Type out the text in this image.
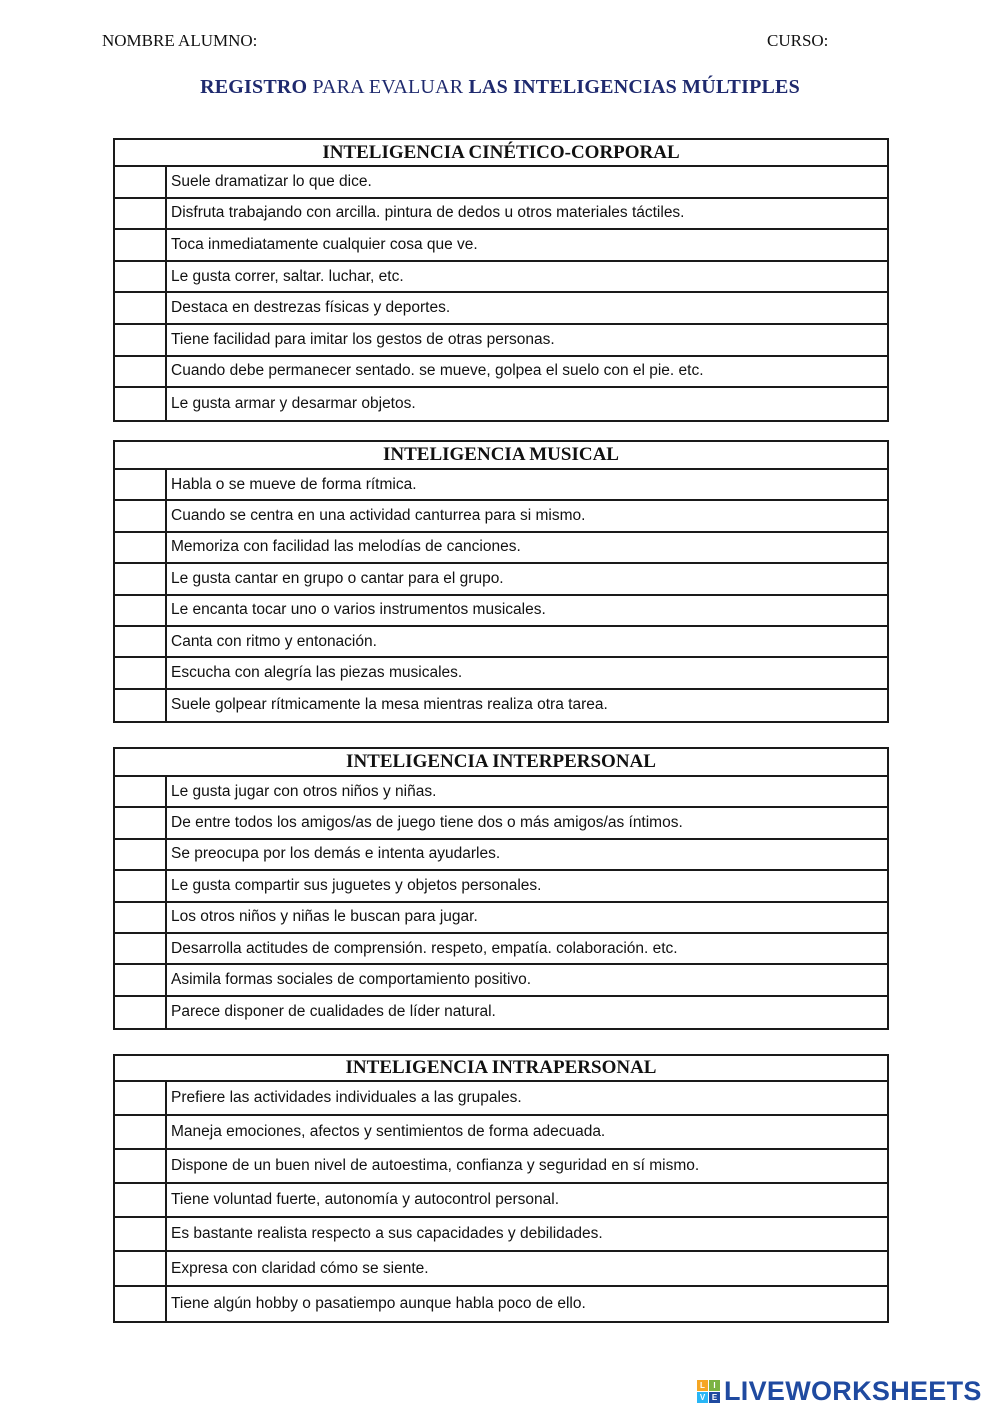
NOMBRE ALUMNO:	CURSO:
REGISTRO PARA EVALUAR LAS INTELIGENCIAS MÚLTIPLES
INTELIGENCIA CINÉTICO-CORPORAL
Suele dramatizar lo que dice.
Disfruta trabajando con arcilla. pintura de dedos u otros materiales táctiles.
Toca inmediatamente cualquier cosa que ve.
Le gusta correr, saltar. luchar, etc.
Destaca en destrezas físicas y deportes.
Tiene facilidad para imitar los gestos de otras personas.
Cuando debe permanecer sentado. se mueve, golpea el suelo con el pie. etc.
Le gusta armar y desarmar objetos.
INTELIGENCIA MUSICAL
Habla o se mueve de forma rítmica.
Cuando se centra en una actividad canturrea para si mismo.
Memoriza con facilidad las melodías de canciones.
Le gusta cantar en grupo o cantar para el grupo.
Le encanta tocar uno o varios instrumentos musicales.
Canta con ritmo y entonación.
Escucha con alegría las piezas musicales.
Suele golpear rítmicamente la mesa mientras realiza otra tarea.
INTELIGENCIA INTERPERSONAL
Le gusta jugar con otros niños y niñas.
De entre todos los amigos/as de juego tiene dos o más amigos/as íntimos.
Se preocupa por los demás e intenta ayudarles.
Le gusta compartir sus juguetes y objetos personales.
Los otros niños y niñas le buscan para jugar.
Desarrolla actitudes de comprensión. respeto, empatía. colaboración. etc.
Asimila formas sociales de comportamiento positivo.
Parece disponer de cualidades de líder natural.
INTELIGENCIA INTRAPERSONAL
Prefiere las actividades individuales a las grupales.
Maneja emociones, afectos y sentimientos de forma adecuada.
Dispone de un buen nivel de autoestima, confianza y seguridad en sí mismo.
Tiene voluntad fuerte, autonomía y autocontrol personal.
Es bastante realista respecto a sus capacidades y debilidades.
Expresa con claridad cómo se siente.
Tiene algún hobby o pasatiempo aunque habla poco de ello.
L	I
V E LIVEWORKSHEETS
